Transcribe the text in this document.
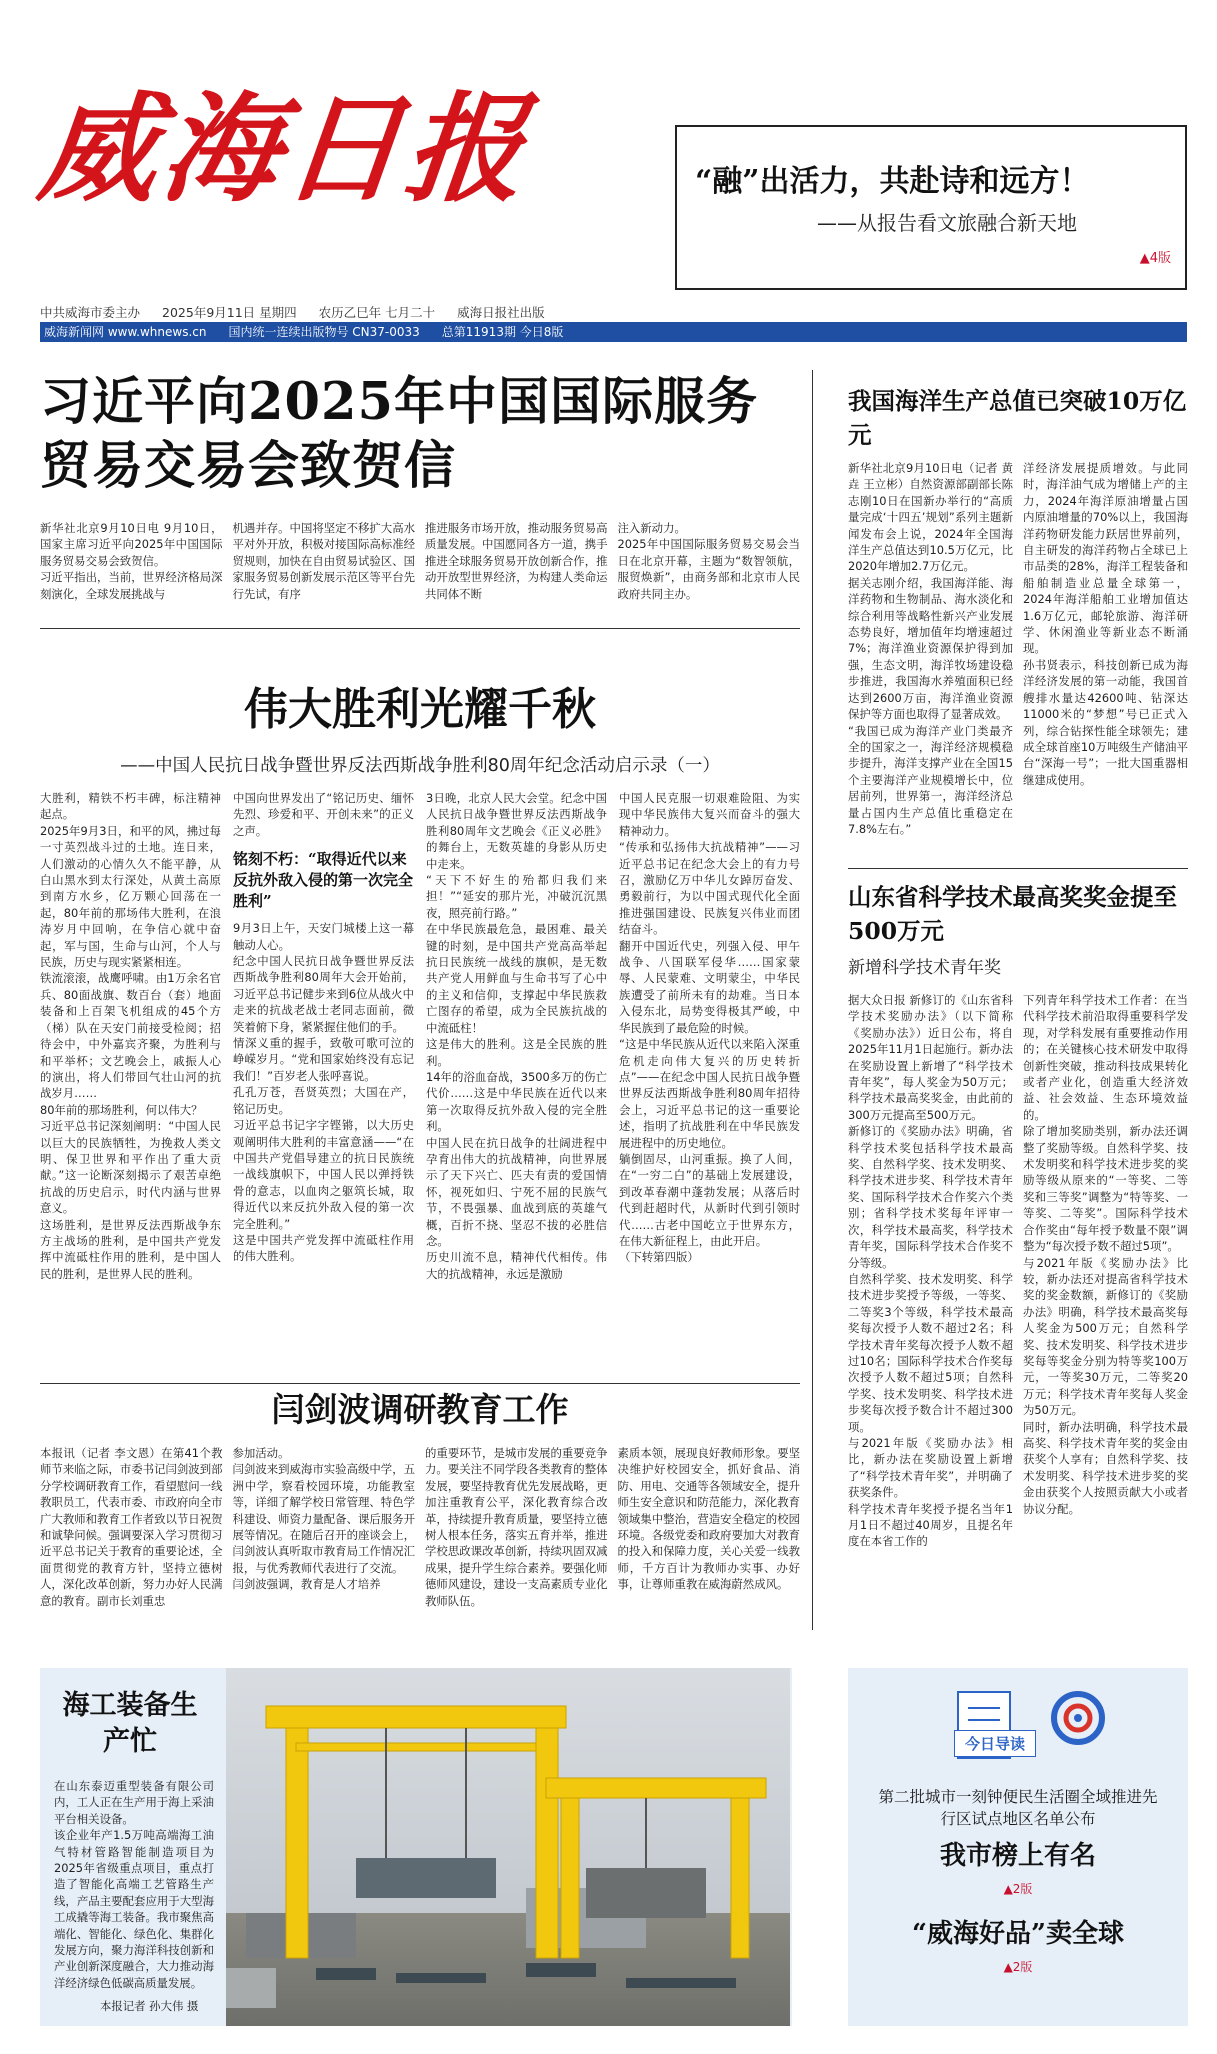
威海日报	“融”出活力，共赴诗和远方！
——从报告看文旅融合新天地
▲4版
中共威海市委主办 2025年9月11日 星期四 农历乙巳年 七月二十 威海日报社出版
威海新闻网 www.whnews.cn 国内统一连续出版物号 CN37-0033 总第11913期 今日8版
习近平向2025年中国国际服务贸易交易会致贺信
新华社北京9月10日电 9月10日，国家主席习近平向2025年中国国际服务贸易交易会致贺信。
习近平指出，当前，世界经济格局深刻演化，全球发展挑战与
机遇并存。中国将坚定不移扩大高水平对外开放，积极对接国际高标准经贸规则，加快在自由贸易试验区、国家服务贸易创新发展示范区等平台先行先试，有序
推进服务市场开放，推动服务贸易高质量发展。中国愿同各方一道，携手推进全球服务贸易开放创新合作，推动开放型世界经济，为构建人类命运共同体不断
注入新动力。
2025年中国国际服务贸易交易会当日在北京开幕，主题为“数智领航，服贸焕新”，由商务部和北京市人民政府共同主办。
伟大胜利光耀千秋
——中国人民抗日战争暨世界反法西斯战争胜利80周年纪念活动启示录（一）
大胜利，精铁不朽丰碑，标注精神起点。
2025年9月3日，和平的风，拂过每一寸英烈战斗过的土地。连日来，人们激动的心情久久不能平静，从白山黑水到太行深处，从黄土高原到南方水乡，亿万颗心回荡在一起，80年前的那场伟大胜利，在浪涛岁月中回响，在争信心就中奋起，军与国，生命与山河，个人与民族，历史与现实紧紧相连。
铁流滚滚，战鹰呼啸。由1万余名官兵、80面战旗、数百台（套）地面装备和上百架飞机组成的45个方（梯）队在天安门前接受检阅；招待会中，中外嘉宾齐聚，为胜利与和平举杯；文艺晚会上，戚振人心的演出，将人们带回气壮山河的抗战岁月……
80年前的那场胜利，何以伟大？
习近平总书记深刻阐明：“中国人民以巨大的民族牺牲，为挽救人类文明、保卫世界和平作出了重大贡献。”这一论断深刻揭示了艰苦卓绝抗战的历史启示，时代内涵与世界意义。
这场胜利，是世界反法西斯战争东方主战场的胜利，是中国共产党发挥中流砥柱作用的胜利，是中国人民的胜利，是世界人民的胜利。
中国向世界发出了“铭记历史、缅怀先烈、珍爱和平、开创未来”的正义之声。
铭刻不朽：“取得近代以来反抗外敌入侵的第一次完全胜利”
9月3日上午，天安门城楼上这一幕触动人心。
纪念中国人民抗日战争暨世界反法西斯战争胜利80周年大会开始前，习近平总书记健步来到6位从战火中走来的抗战老战士老同志面前，微笑着俯下身，紧紧握住他们的手。
情深义重的握手，致敬可歌可泣的峥嵘岁月。“党和国家始终没有忘记我们！”百岁老人张呼喜说。
孔孔万苍，吾贤英烈；大国在产，铭记历史。
习近平总书记字字铿锵，以大历史观阐明伟大胜利的丰富意涵——“在中国共产党倡导建立的抗日民族统一战线旗帜下，中国人民以弹捋铁骨的意志，以血肉之躯筑长城，取得近代以来反抗外敌入侵的第一次完全胜利。”
这是中国共产党发挥中流砥柱作用的伟大胜利。
3日晚，北京人民大会堂。纪念中国人民抗日战争暨世界反法西斯战争胜利80周年文艺晚会《正义必胜》的舞台上，无数英雄的身影从历史中走来。
“天下不好生的殆都归我们来担！”“延安的那片光，冲破沉沉黑夜，照亮前行路。”
在中华民族最危急，最困难、最关键的时刻，是中国共产党高高举起抗日民族统一战线的旗帜，是无数共产党人用鲜血与生命书写了心中的主义和信仰，支撑起中华民族救亡图存的希望，成为全民族抗战的中流砥柱！
这是伟大的胜利。这是全民族的胜利。
14年的浴血奋战，3500多万的伤亡代价……这是中华民族在近代以来第一次取得反抗外敌入侵的完全胜利。
中国人民在抗日战争的壮阔进程中孕育出伟大的抗战精神，向世界展示了天下兴亡、匹夫有责的爱国情怀，视死如归、宁死不屈的民族气节，不畏强暴、血战到底的英雄气概，百折不挠、坚忍不拔的必胜信念。
历史川流不息，精神代代相传。伟大的抗战精神，永远是激励
中国人民克服一切艰难险阻、为实现中华民族伟大复兴而奋斗的强大精神动力。
“传承和弘扬伟大抗战精神”——习近平总书记在纪念大会上的有力号召，激励亿万中华儿女踔厉奋发、勇毅前行，为以中国式现代化全面推进强国建设、民族复兴伟业而团结奋斗。
翻开中国近代史，列强入侵、甲午战争、八国联军侵华……国家蒙辱、人民蒙难、文明蒙尘，中华民族遭受了前所未有的劫难。当日本入侵东北，局势变得极其严峻，中华民族到了最危险的时候。
“这是中华民族从近代以来陷入深重危机走向伟大复兴的历史转折点”——在纪念中国人民抗日战争暨世界反法西斯战争胜利80周年招待会上，习近平总书记的这一重要论述，指明了抗战胜利在中华民族发展进程中的历史地位。
躺倒固尽，山河重振。换了人间，在“一穷二白”的基础上发展建设，到改革春潮中蓬勃发展；从落后时代到赶超时代，从新时代到引领时代……古老中国屹立于世界东方，在伟大新征程上，由此开启。
（下转第四版）
闫剑波调研教育工作
本报讯（记者 李文恩）在第41个教师节来临之际，市委书记闫剑波到部分学校调研教育工作，看望慰问一线教职员工，代表市委、市政府向全市广大教师和教育工作者致以节日祝贺和诚挚问候。强调要深入学习贯彻习近平总书记关于教育的重要论述，全面贯彻党的教育方针，坚持立德树人，深化改革创新，努力办好人民满意的教育。副市长刘重忠
参加活动。
闫剑波来到威海市实验高级中学，五洲中学，察看校园环境，功能教室等，详细了解学校日常管理、特色学科建设、师资力量配备、课后服务开展等情况。在随后召开的座谈会上，闫剑波认真听取市教育局工作情况汇报，与优秀教师代表进行了交流。
闫剑波强调，教育是人才培养
的重要环节，是城市发展的重要竞争力。要关注不同学段各类教育的整体发展，要坚持教育优先发展战略，更加注重教育公平，深化教育综合改革，持续提升教育质量，要坚持立德树人根本任务，落实五育并举，推进学校思政课改革创新，持续巩固双减成果，提升学生综合素养。要强化师德师风建设，建设一支高素质专业化教师队伍。
素质本领，展现良好教师形象。要坚决维护好校园安全，抓好食品、消防、用电、交通等各领域安全，提升师生安全意识和防范能力，深化教育领域集中整治，营造安全稳定的校园环境。各级党委和政府要加大对教育的投入和保障力度，关心关爱一线教师，千方百计为教师办实事、办好事，让尊师重教在威海蔚然成风。
我国海洋生产总值已突破10万亿元
新华社北京9月10日电（记者 黄垚 王立彬）自然资源部副部长陈志刚10日在国新办举行的“高质量完成‘十四五’规划”系列主题新闻发布会上说，2024年全国海洋生产总值达到10.5万亿元，比2020年增加2.7万亿元。
据关志刚介绍，我国海洋能、海洋药物和生物制品、海水淡化和综合利用等战略性新兴产业发展态势良好，增加值年均增速超过7%；海洋渔业资源保护得到加强，生态文明，海洋牧场建设稳步推进，我国海水养殖面积已经达到2600万亩，海洋渔业资源保护等方面也取得了显著成效。
“我国已成为海洋产业门类最齐全的国家之一，海洋经济规模稳步提升，海洋支撑产业在全国15个主要海洋产业规模增长中，位居前列，世界第一，海洋经济总量占国内生产总值比重稳定在7.8%左右。”
洋经济发展提质增效。与此同时，海洋油气成为增储上产的主力，2024年海洋原油增量占国内原油增量的70%以上，我国海洋药物研发能力跃居世界前列，自主研发的海洋药物占全球已上市品类的28%，海洋工程装备和船舶制造业总量全球第一，2024年海洋船舶工业增加值达1.6万亿元，邮轮旅游、海洋研学、休闲渔业等新业态不断涌现。
孙书贤表示，科技创新已成为海洋经济发展的第一动能，我国首艘排水量达42600吨、钻深达11000米的“梦想”号已正式入列，综合钻探性能全球领先；建成全球首座10万吨级生产储油平台“深海一号”；一批大国重器相继建成使用。
山东省科学技术最高奖奖金提至500万元
新增科学技术青年奖
据大众日报 新修订的《山东省科学技术奖励办法》（以下简称《奖励办法》）近日公布，将自2025年11月1日起施行。新办法在奖励设置上新增了“科学技术青年奖”，每人奖金为50万元；科学技术最高奖奖金，由此前的300万元提高至500万元。
新修订的《奖励办法》明确，省科学技术奖包括科学技术最高奖、自然科学奖、技术发明奖、科学技术进步奖、科学技术青年奖、国际科学技术合作奖六个类别；省科学技术奖每年评审一次，科学技术最高奖，科学技术青年奖，国际科学技术合作奖不分等级。
自然科学奖、技术发明奖、科学技术进步奖授予等级，一等奖、二等奖3个等级，科学技术最高奖每次授予人数不超过2名；科学技术青年奖每次授予人数不超过10名；国际科学技术合作奖每次授予人数不超过5项；自然科学奖、技术发明奖、科学技术进步奖每次授予数合计不超过300项。
与2021年版《奖励办法》相比，新办法在奖励设置上新增了“科学技术青年奖”，并明确了获奖条件。
科学技术青年奖授予提名当年1月1日不超过40周岁，且提名年度在本省工作的
下列青年科学技术工作者：在当代科学技术前沿取得重要科学发现，对学科发展有重要推动作用的；在关键核心技术研发中取得创新性突破，推动科技成果转化或者产业化，创造重大经济效益、社会效益、生态环境效益的。
除了增加奖励类别，新办法还调整了奖励等级。自然科学奖、技术发明奖和科学技术进步奖的奖励等级从原来的“一等奖、二等奖和三等奖”调整为“特等奖、一等奖、二等奖”。国际科学技术合作奖由“每年授予数量不限”调整为“每次授予数不超过5项”。
与2021年版《奖励办法》比较，新办法还对提高省科学技术奖的奖金数额，新修订的《奖励办法》明确，科学技术最高奖每人奖金为500万元；自然科学奖、技术发明奖、科学技术进步奖每等奖金分别为特等奖100万元，一等奖30万元，二等奖20万元；科学技术青年奖每人奖金为50万元。
同时，新办法明确，科学技术最高奖、科学技术青年奖的奖金由获奖个人享有；自然科学奖、技术发明奖、科学技术进步奖的奖金由获奖个人按照贡献大小或者协议分配。
海工装备生产忙
在山东泰迈重型装备有限公司内，工人正在生产用于海上采油平台相关设备。
该企业年产1.5万吨高端海工油气特材管路智能制造项目为2025年省级重点项目，重点打造了智能化高端工艺管路生产线，产品主要配套应用于大型海工成撬等海工装备。我市聚焦高端化、智能化、绿色化、集群化发展方向，聚力海洋科技创新和产业创新深度融合，大力推动海洋经济绿色低碳高质量发展。
本报记者 孙大伟 摄
今日导读
第二批城市一刻钟便民生活圈全域推进先行区试点地区名单公布
我市榜上有名
▲2版
“威海好品”卖全球
▲2版
